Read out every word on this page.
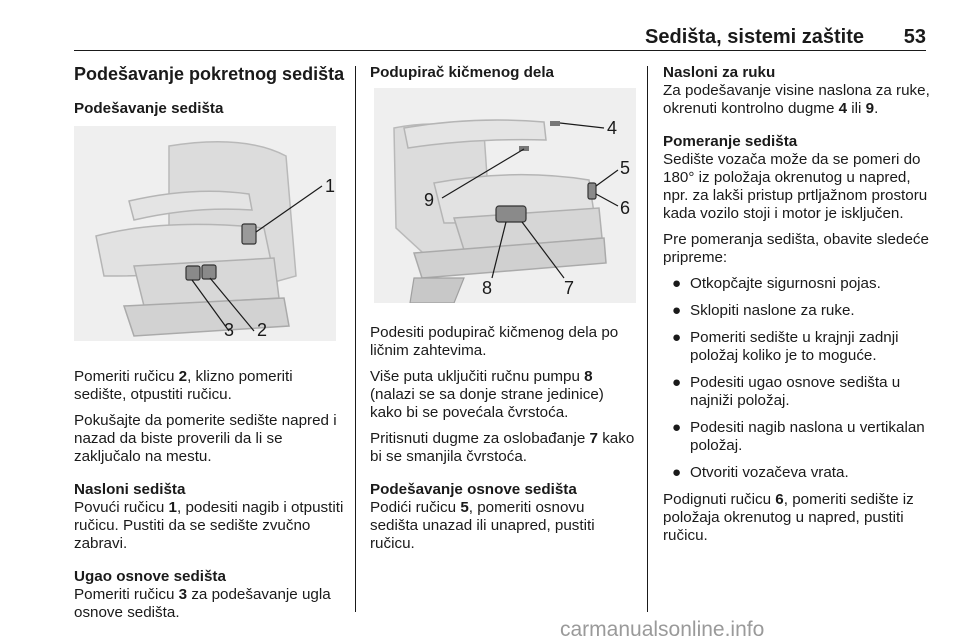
Sedišta, sistemi zaštite 53
Podešavanje pokretnog sedišta
Podešavanje sedišta
1
3 2

Pomeriti ručicu 2, klizno pomeriti sedište, otpustiti ručicu.

Pokušajte da pomerite sedište napred i nazad da biste proverili da li se zaključalo na mestu.

Nasloni sedišta

Povući ručicu 1, podesiti nagib i otpustiti ručicu. Pustiti da se sedište zvučno zabravi.

Ugao osnove sedišta

Pomeriti ručicu 3 za podešavanje ugla osnove sedišta.

Podupirač kičmenog dela
4
5
6
9
8	7

Podesiti podupirač kičmenog dela po ličnim zahtevima.

Više puta uključiti ručnu pumpu 8 (nalazi se sa donje strane jedinice) kako bi se povećala čvrstoća.

Pritisnuti dugme za oslobađanje 7 kako bi se smanjila čvrstoća.

Podešavanje osnove sedišta

Podići ručicu 5, pomeriti osnovu sedišta unazad ili unapred, pustiti ručicu.

Nasloni za ruku

Za podešavanje visine naslona za ruke, okrenuti kontrolno dugme 4 ili 9.

Pomeranje sedišta

Sedište vozača može da se pomeri do 180° iz položaja okrenutog u napred, npr. za lakši pristup prtljažnom prostoru kada vozilo stoji i motor je isključen.

Pre pomeranja sedišta, obavite sledeće pripreme:

● Otkopčajte sigurnosni pojas.
● Sklopiti naslone za ruke.
● Pomeriti sedište u krajnji zadnji položaj koliko je to moguće.
● Podesiti ugao osnove sedišta u najniži položaj.
● Podesiti nagib naslona u vertikalan položaj.
● Otvoriti vozačeva vrata.

Podignuti ručicu 6, pomeriti sedište iz položaja okrenutog u napred, pustiti ručicu.

carmanualsonline.info
